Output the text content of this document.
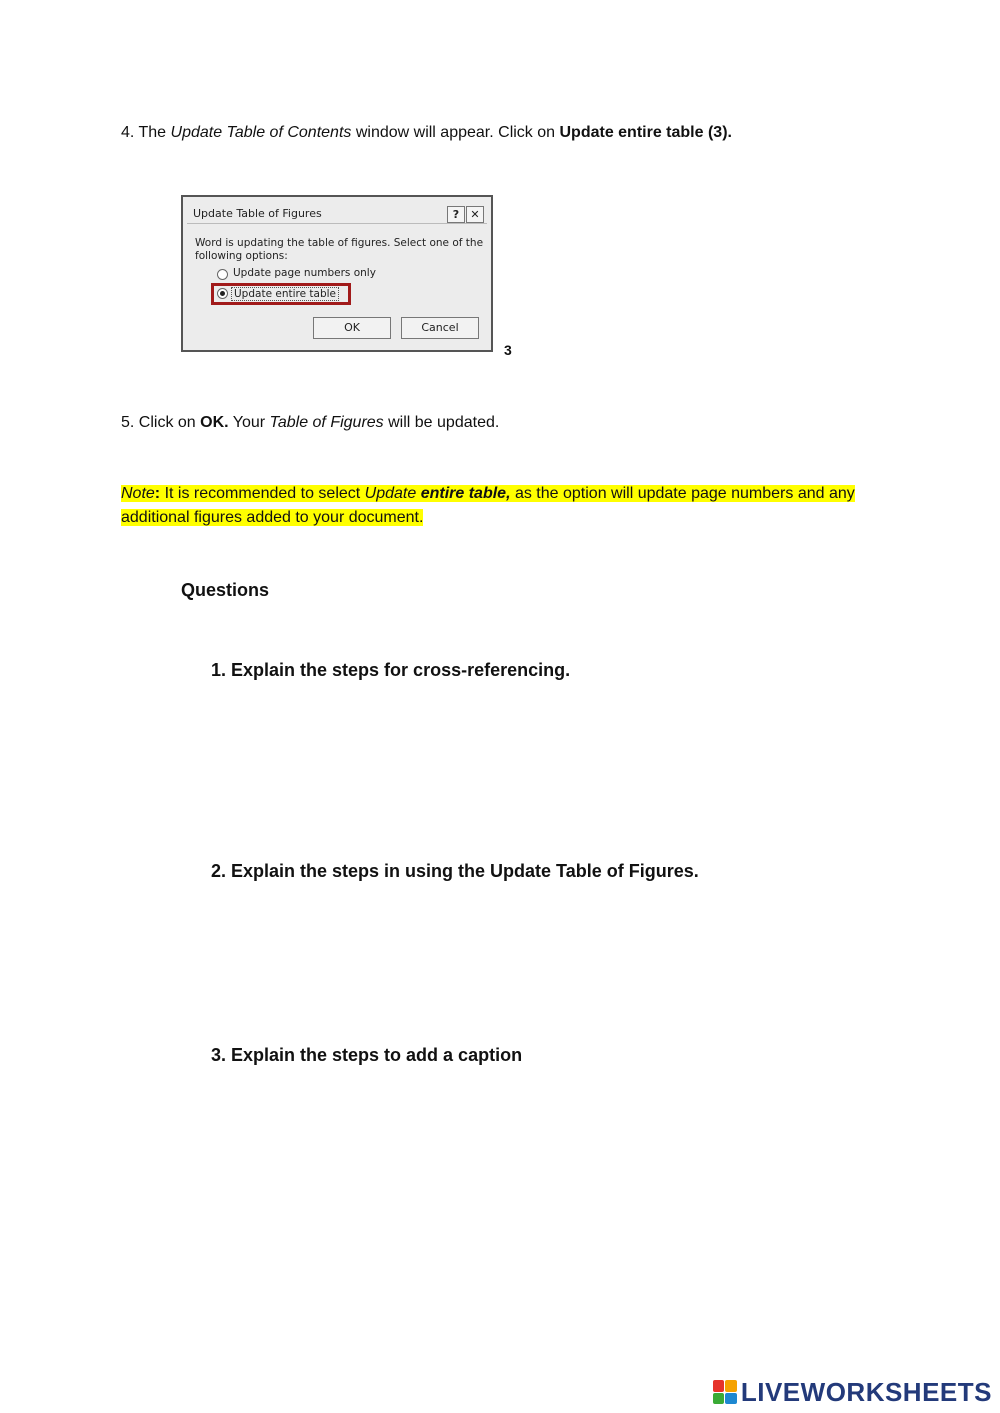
4. The Update Table of Contents window will appear. Click on Update entire table (3).
Update Table of Figures	?	✕
Word is updating the table of figures. Select one of the following options:
Update page numbers only
Update entire table
OK	Cancel
3
5. Click on OK. Your Table of Figures will be updated.
Note: It is recommended to select Update entire table, as the option will update page numbers and any additional figures added to your document.
Questions
1. Explain the steps for cross-referencing.
2. Explain the steps in using the Update Table of Figures.
3. Explain the steps to add a caption
LIVEWORKSHEETS
